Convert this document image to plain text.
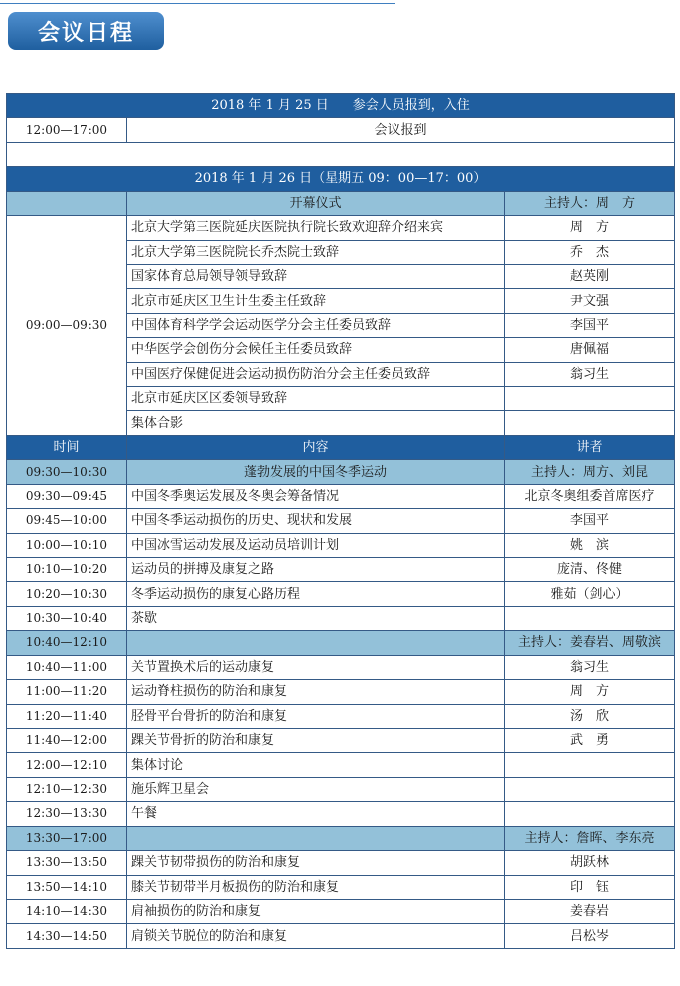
会议日程
2018 年 1 月 25 日 参会人员报到，入住		
12:00—17:00	会议报到	

2018 年 1 月 26 日（星期五 09：00—17：00）		
	开幕仪式	主持人：周　方
09:00—09:30	北京大学第三医院延庆医院执行院长致欢迎辞介绍来宾	周　方
	北京大学第三医院院长乔杰院士致辞	乔　杰
	国家体育总局领导领导致辞	赵英刚
	北京市延庆区卫生计生委主任致辞	尹文强
	中国体育科学学会运动医学分会主任委员致辞	李国平
	中华医学会创伤分会候任主任委员致辞	唐佩福
	中国医疗保健促进会运动损伤防治分会主任委员致辞	翁习生
	北京市延庆区区委领导致辞	
	集体合影	
时间	内容	讲者
09:30—10:30	蓬勃发展的中国冬季运动	主持人：周方、刘昆
09:30—09:45	中国冬季奥运发展及冬奥会筹备情况	北京冬奥组委首席医疗
09:45—10:00	中国冬季运动损伤的历史、现状和发展	李国平
10:00—10:10	中国冰雪运动发展及运动员培训计划	姚　滨
10:10—10:20	运动员的拼搏及康复之路	庞清、佟健
10:20—10:30	冬季运动损伤的康复心路历程	雅茹（剑心）
10:30—10:40	茶歇	
10:40—12:10		主持人：姜春岩、周敬滨
10:40—11:00	关节置换术后的运动康复	翁习生
11:00—11:20	运动脊柱损伤的防治和康复	周　方
11:20—11:40	胫骨平台骨折的防治和康复	汤　欣
11:40—12:00	踝关节骨折的防治和康复	武　勇
12:00—12:10	集体讨论	
12:10—12:30	施乐辉卫星会	
12:30—13:30	午餐	
13:30—17:00		主持人：詹晖、李东亮
13:30—13:50	踝关节韧带损伤的防治和康复	胡跃林
13:50—14:10	膝关节韧带半月板损伤的防治和康复	印　钰
14:10—14:30	肩袖损伤的防治和康复	姜春岩
14:30—14:50	肩锁关节脱位的防治和康复	吕松岑
